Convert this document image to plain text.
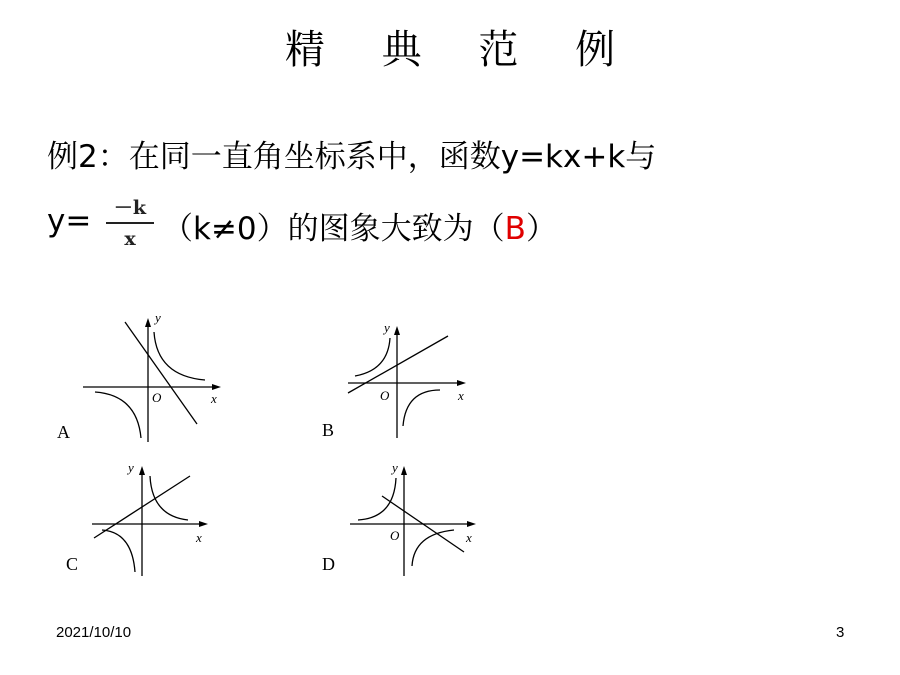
精 典 范 例
例2：在同一直角坐标系中，函数y=kx+k与
y=	－k
x （k≠0）的图象大致为（B）
y
x
O
A
y
x
O
B
y
x
C
y
x
O
D
2021/10/10	3
